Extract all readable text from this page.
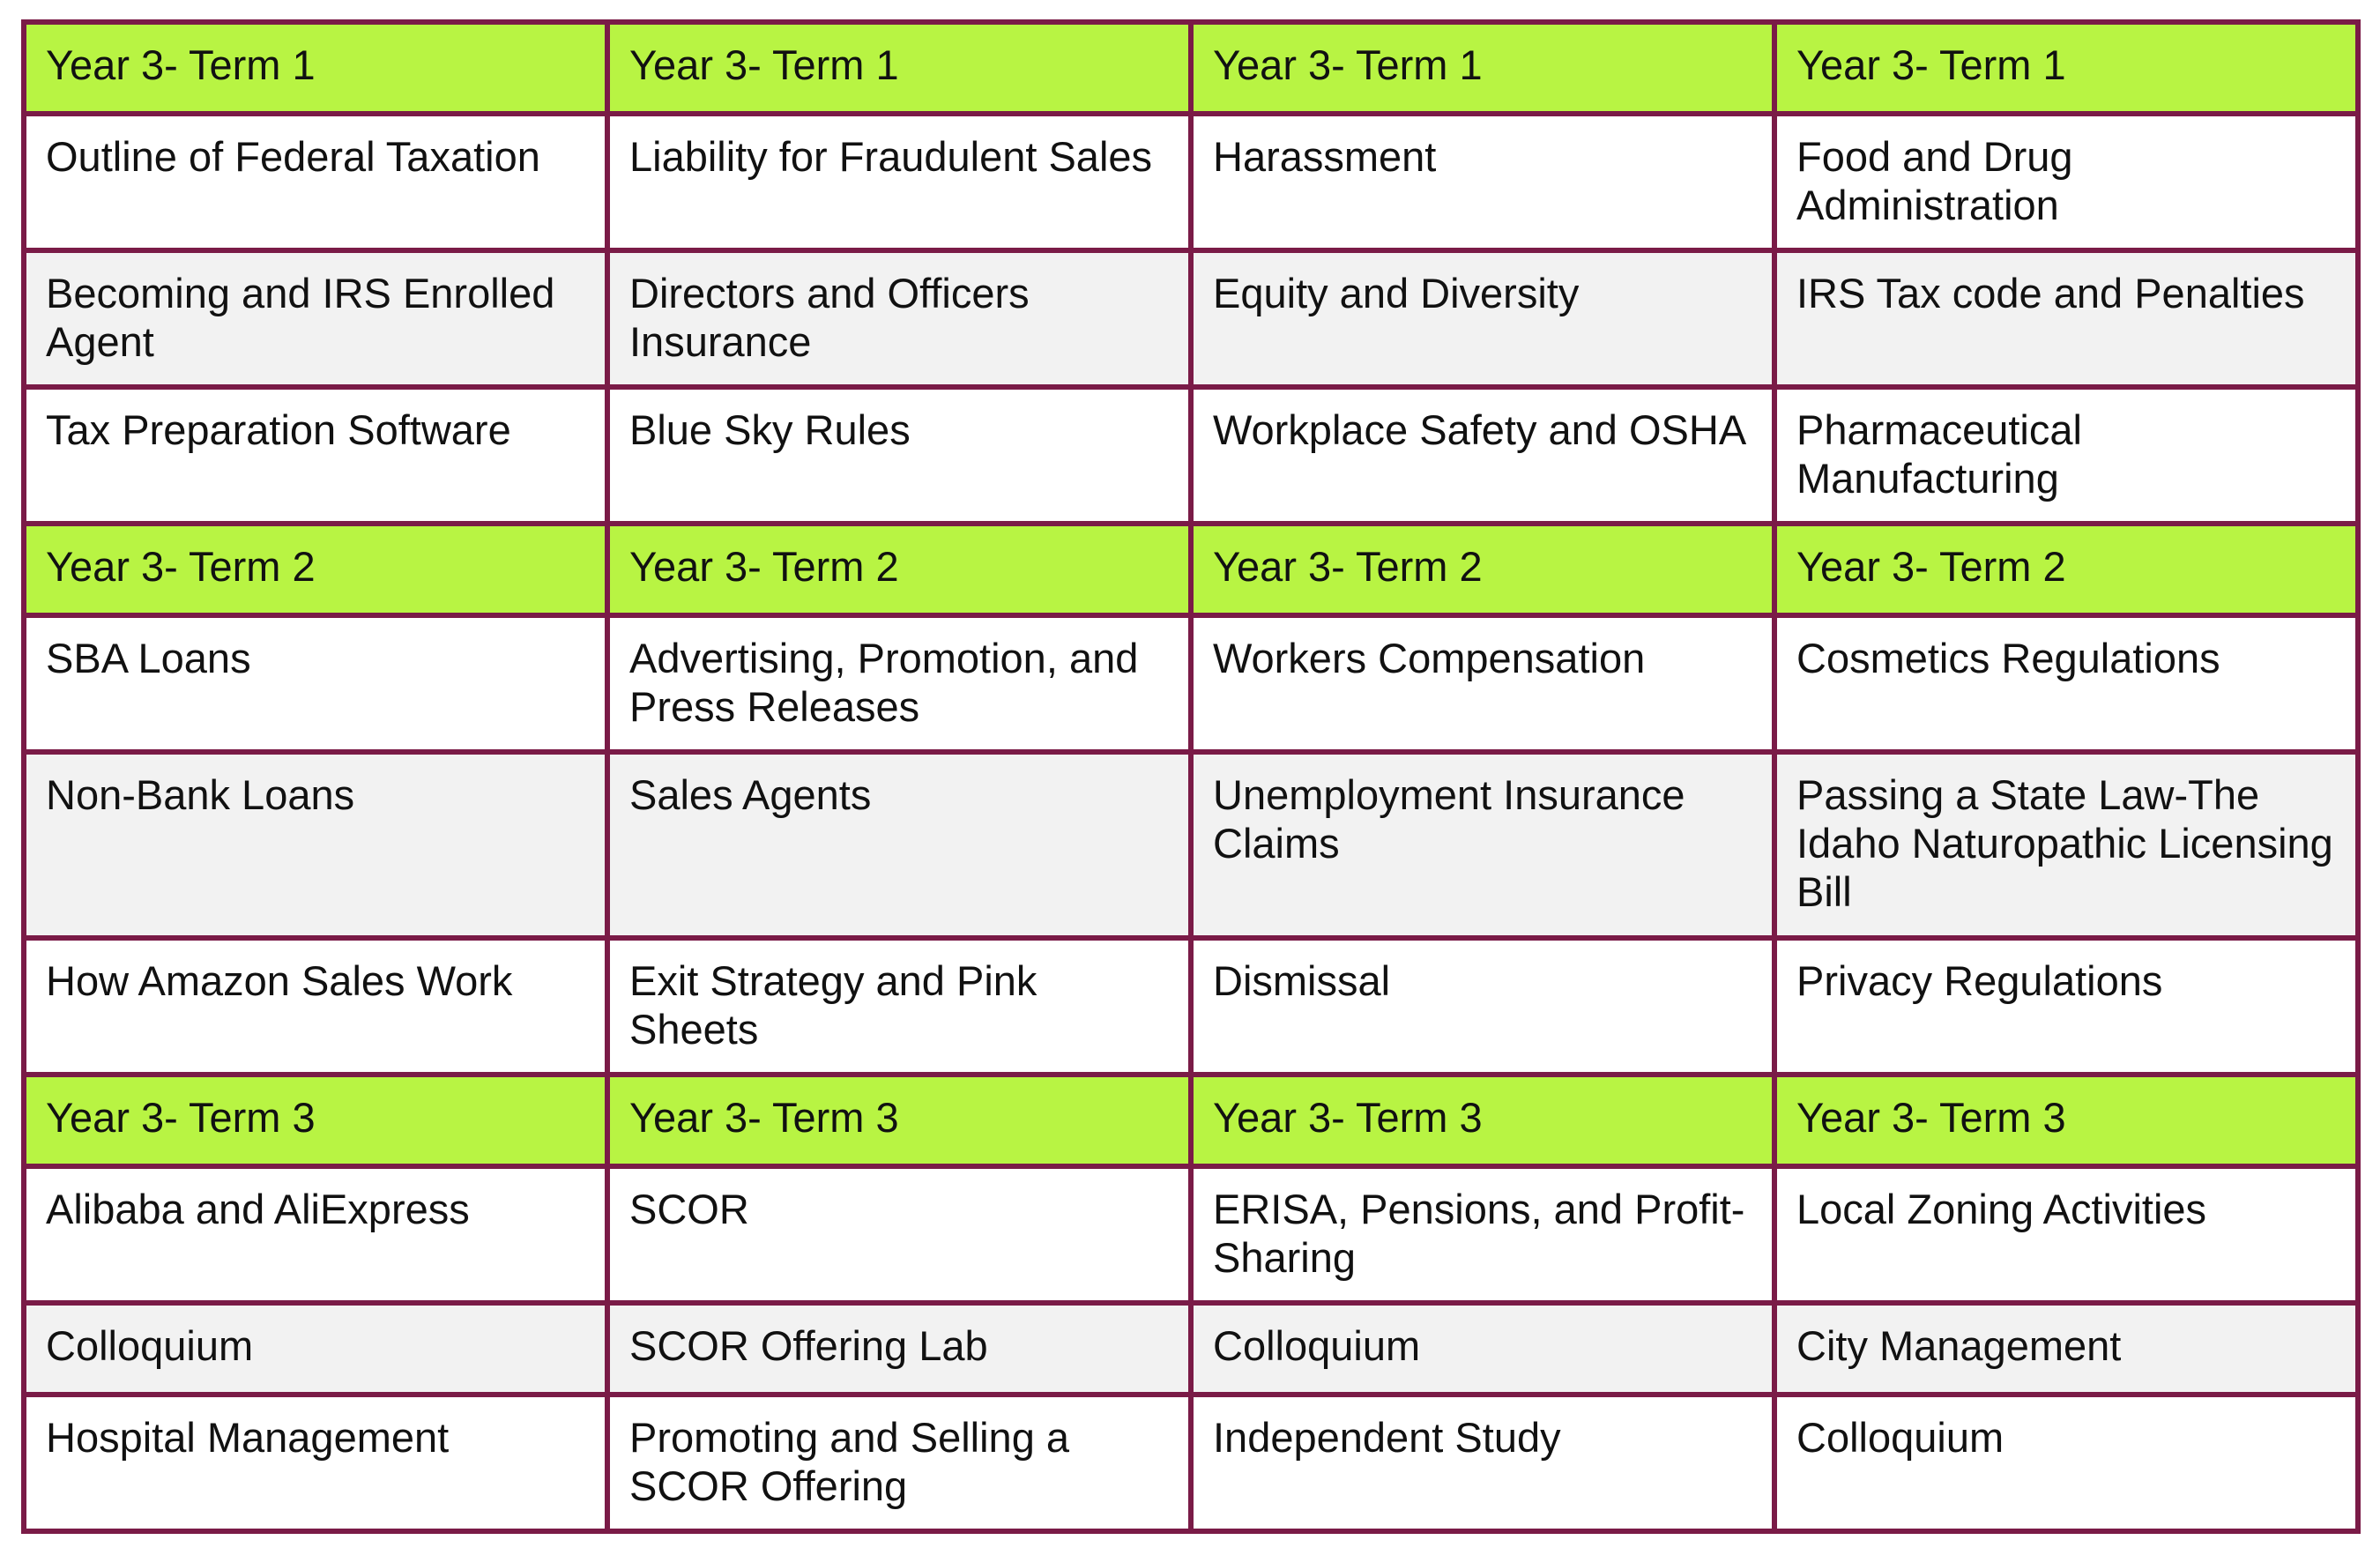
Year 3- Term 1	Year 3- Term 1	Year 3- Term 1	Year 3- Term 1
Outline of Federal Taxation	Liability for Fraudulent Sales	Harassment	Food and Drug Administration
Becoming and IRS Enrolled Agent	Directors and Officers Insurance	Equity and Diversity	IRS Tax code and Penalties
Tax Preparation Software	Blue Sky Rules	Workplace Safety and OSHA	Pharmaceutical Manufacturing
Year 3- Term 2	Year 3- Term 2	Year 3- Term 2	Year 3- Term 2
SBA Loans	Advertising, Promotion, and Press Releases	Workers Compensation	Cosmetics Regulations
Non-Bank Loans	Sales Agents	Unemployment Insurance Claims	Passing a State Law-The Idaho Naturopathic Licensing Bill
How Amazon Sales Work	Exit Strategy and Pink Sheets	Dismissal	Privacy Regulations
Year 3- Term 3	Year 3- Term 3	Year 3- Term 3	Year 3- Term 3
Alibaba and AliExpress	SCOR	ERISA, Pensions, and Profit-Sharing	Local Zoning Activities
Colloquium	SCOR Offering Lab	Colloquium	City Management
Hospital Management	Promoting and Selling a SCOR Offering	Independent Study	Colloquium
